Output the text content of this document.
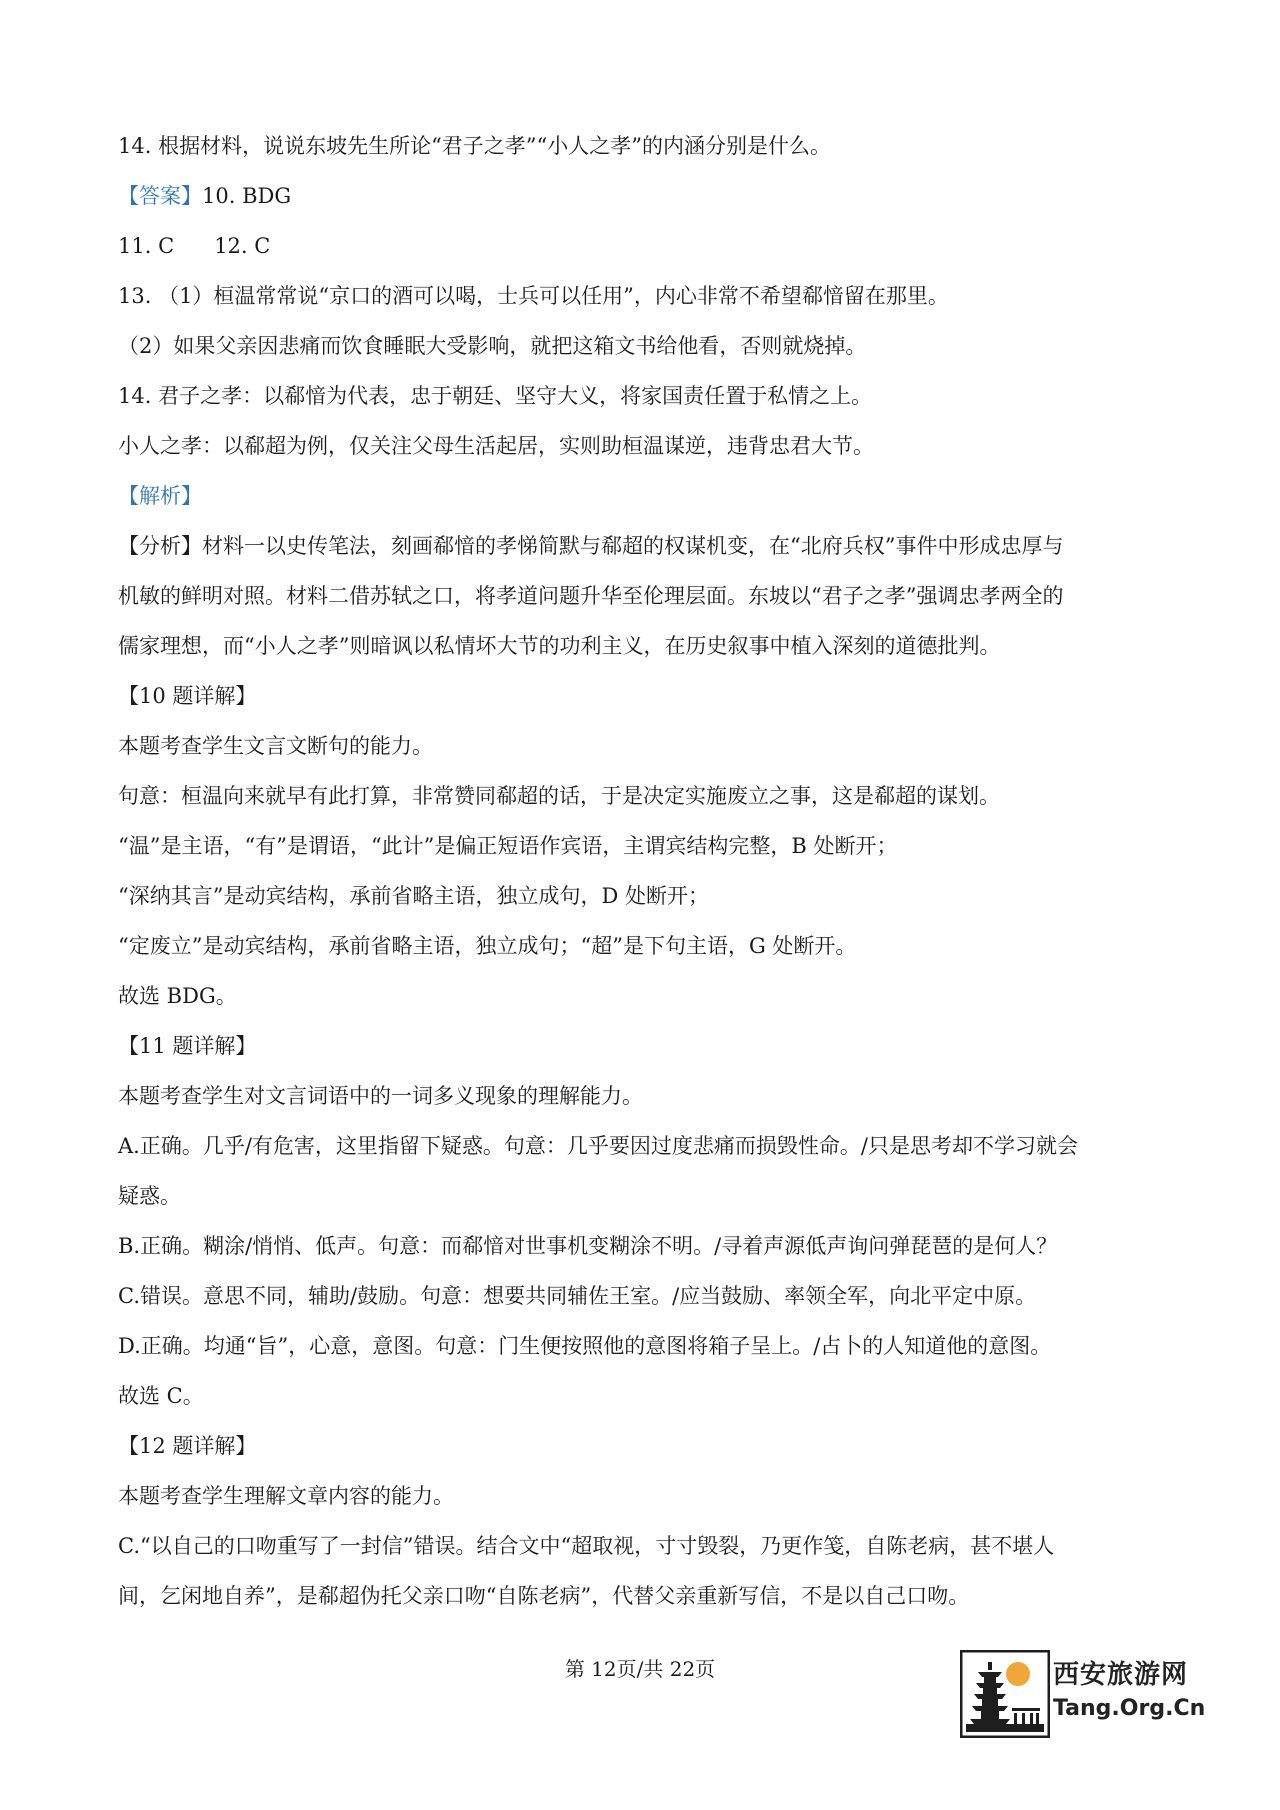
14. 根据材料，说说东坡先生所论“君子之孝”“小人之孝”的内涵分别是什么。
【答案】10. BDG
11. C      12. C
13. （1）桓温常常说“京口的酒可以喝，士兵可以任用”，内心非常不希望郗愔留在那里。
（2）如果父亲因悲痛而饮食睡眠大受影响，就把这箱文书给他看，否则就烧掉。
14. 君子之孝：以郗愔为代表，忠于朝廷、坚守大义，将家国责任置于私情之上。
小人之孝：以郗超为例，仅关注父母生活起居，实则助桓温谋逆，违背忠君大节。
【解析】
【分析】材料一以史传笔法，刻画郗愔的孝悌简默与郗超的权谋机变，在“北府兵权”事件中形成忠厚与
机敏的鲜明对照。材料二借苏轼之口，将孝道问题升华至伦理层面。东坡以“君子之孝”强调忠孝两全的
儒家理想，而“小人之孝”则暗讽以私情坏大节的功利主义，在历史叙事中植入深刻的道德批判。
【10 题详解】
本题考查学生文言文断句的能力。
句意：桓温向来就早有此打算，非常赞同郗超的话，于是决定实施废立之事，这是郗超的谋划。
“温”是主语，“有”是谓语，“此计”是偏正短语作宾语，主谓宾结构完整，B 处断开；
“深纳其言”是动宾结构，承前省略主语，独立成句，D 处断开；
“定废立”是动宾结构，承前省略主语，独立成句；“超”是下句主语，G 处断开。
故选 BDG。
【11 题详解】
本题考查学生对文言词语中的一词多义现象的理解能力。
A.正确。几乎/有危害，这里指留下疑惑。句意：几乎要因过度悲痛而损毁性命。/只是思考却不学习就会
疑惑。
B.正确。糊涂/悄悄、低声。句意：而郗愔对世事机变糊涂不明。/寻着声源低声询问弹琵琶的是何人？
C.错误。意思不同，辅助/鼓励。句意：想要共同辅佐王室。/应当鼓励、率领全军，向北平定中原。
D.正确。均通“旨”，心意，意图。句意：门生便按照他的意图将箱子呈上。/占卜的人知道他的意图。
故选 C。
【12 题详解】
本题考查学生理解文章内容的能力。
C.“以自己的口吻重写了一封信”错误。结合文中“超取视，寸寸毁裂，乃更作笺，自陈老病，甚不堪人
间，乞闲地自养”，是郗超伪托父亲口吻“自陈老病”，代替父亲重新写信，不是以自己口吻。
第 12页/共 22页	西安旅游网
Tang.Org.Cn
